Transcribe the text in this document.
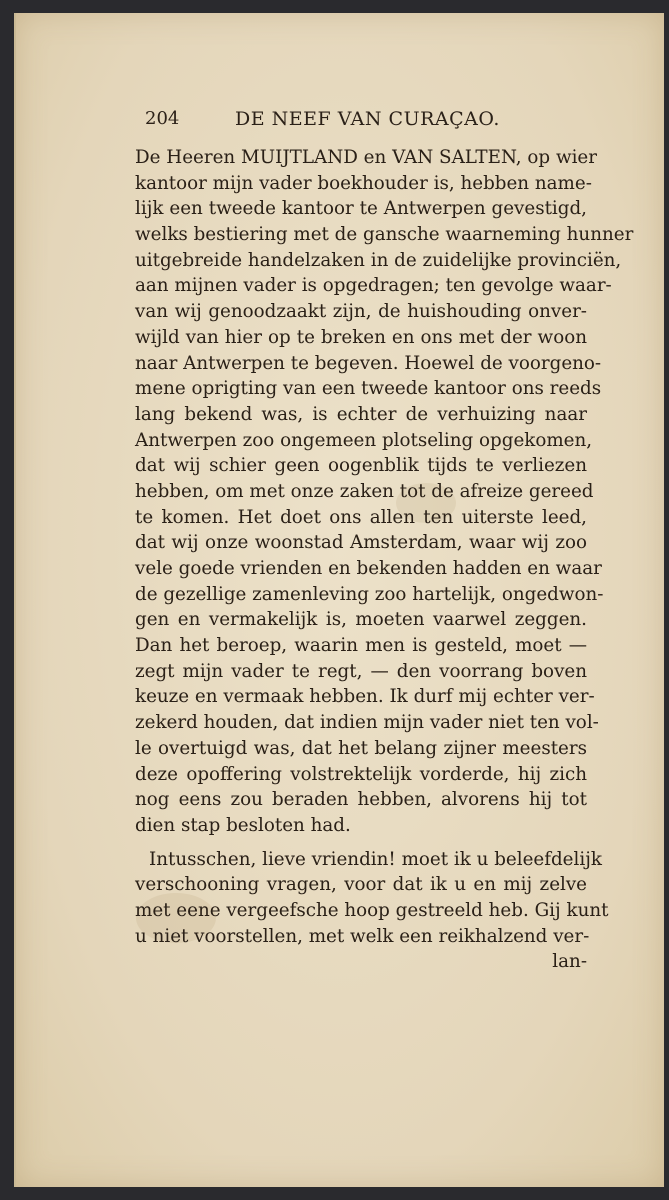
204	DE NEEF VAN CURAÇAO.
De Heeren MUIJTLAND en VAN SALTEN, op wier
kantoor mijn vader boekhouder is, hebben name-
lijk een tweede kantoor te Antwerpen gevestigd,
welks bestiering met de gansche waarneming hunner
uitgebreide handelzaken in de zuidelijke provinciën,
aan mijnen vader is opgedragen; ten gevolge waar-
van wij genoodzaakt zijn, de huishouding onver-
wijld van hier op te breken en ons met der woon
naar Antwerpen te begeven. Hoewel de voorgeno-
mene oprigting van een tweede kantoor ons reeds
lang bekend was, is echter de verhuizing naar
Antwerpen zoo ongemeen plotseling opgekomen,
dat wij schier geen oogenblik tijds te verliezen
hebben, om met onze zaken tot de afreize gereed
te komen. Het doet ons allen ten uiterste leed,
dat wij onze woonstad Amsterdam, waar wij zoo
vele goede vrienden en bekenden hadden en waar
de gezellige zamenleving zoo hartelijk, ongedwon-
gen en vermakelijk is, moeten vaarwel zeggen.
Dan het beroep, waarin men is gesteld, moet —
zegt mijn vader te regt, — den voorrang boven
keuze en vermaak hebben. Ik durf mij echter ver-
zekerd houden, dat indien mijn vader niet ten vol-
le overtuigd was, dat het belang zijner meesters
deze opoffering volstrektelijk vorderde, hij zich
nog eens zou beraden hebben, alvorens hij tot
dien stap besloten had.
Intusschen, lieve vriendin! moet ik u beleefdelijk
verschooning vragen, voor dat ik u en mij zelve
met eene vergeefsche hoop gestreeld heb. Gij kunt
u niet voorstellen, met welk een reikhalzend ver-
lan-
